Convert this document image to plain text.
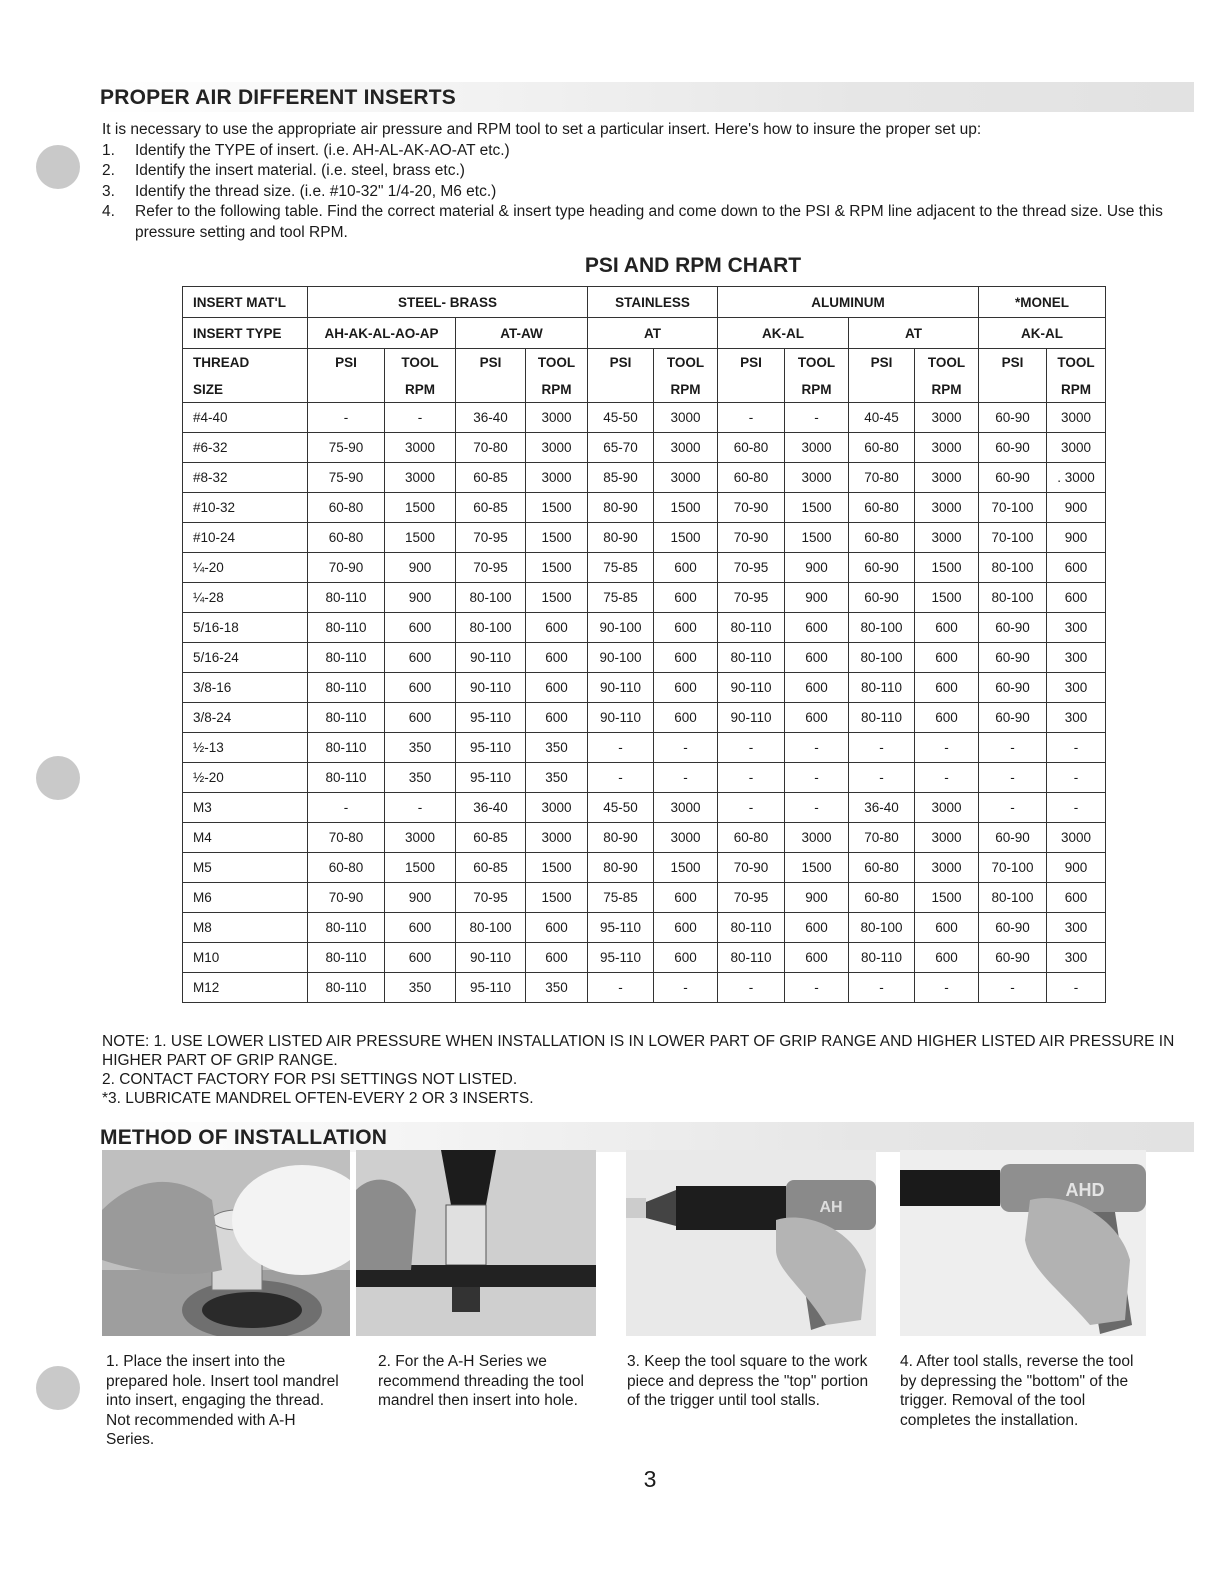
PROPER AIR DIFFERENT INSERTS

It is necessary to use the appropriate air pressure and RPM tool to set a particular insert. Here's how to insure the proper set up:

1. Identify the TYPE of insert. (i.e. AH-AL-AK-AO-AT etc.)
2. Identify the insert material. (i.e. steel, brass etc.)
3. Identify the thread size. (i.e. #10-32" 1/4-20, M6 etc.)
4. Refer to the following table. Find the correct material & insert type heading and come down to the PSI & RPM line adjacent to the thread size. Use this pressure setting and tool RPM.
PSI AND RPM CHART
INSERT MAT'L	STEEL- BRASS				STAINLESS		ALUMINUM				*MONEL	
INSERT TYPE	AH-AK-AL-AO-AP		AT-AW		AT		AK-AL		AT		AK-AL	
THREAD	PSI	TOOL	PSI	TOOL	PSI	TOOL	PSI	TOOL	PSI	TOOL	PSI	TOOL
SIZE		RPM		RPM		RPM		RPM		RPM		RPM
#4-40	-	-	36-40	3000	45-50	3000	-	-	40-45	3000	60-90	3000
#6-32	75-90	3000	70-80	3000	65-70	3000	60-80	3000	60-80	3000	60-90	3000
#8-32	75-90	3000	60-85	3000	85-90	3000	60-80	3000	70-80	3000	60-90	. 3000
#10-32	60-80	1500	60-85	1500	80-90	1500	70-90	1500	60-80	3000	70-100	900
#10-24	60-80	1500	70-95	1500	80-90	1500	70-90	1500	60-80	3000	70-100	900
¼-20	70-90	900	70-95	1500	75-85	600	70-95	900	60-90	1500	80-100	600
¼-28	80-110	900	80-100	1500	75-85	600	70-95	900	60-90	1500	80-100	600
5/16-18	80-110	600	80-100	600	90-100	600	80-110	600	80-100	600	60-90	300
5/16-24	80-110	600	90-110	600	90-100	600	80-110	600	80-100	600	60-90	300
3/8-16	80-110	600	90-110	600	90-110	600	90-110	600	80-110	600	60-90	300
3/8-24	80-110	600	95-110	600	90-110	600	90-110	600	80-110	600	60-90	300
½-13	80-110	350	95-110	350	-	-	-	-	-	-	-	-
½-20	80-110	350	95-110	350	-	-	-	-	-	-	-	-
M3	-	-	36-40	3000	45-50	3000	-	-	36-40	3000	-	-
M4	70-80	3000	60-85	3000	80-90	3000	60-80	3000	70-80	3000	60-90	3000
M5	60-80	1500	60-85	1500	80-90	1500	70-90	1500	60-80	3000	70-100	900
M6	70-90	900	70-95	1500	75-85	600	70-95	900	60-80	1500	80-100	600
M8	80-110	600	80-100	600	95-110	600	80-110	600	80-100	600	60-90	300
M10	80-110	600	90-110	600	95-110	600	80-110	600	80-110	600	60-90	300
M12	80-110	350	95-110	350	-	-	-	-	-	-	-	-

NOTE: 1. USE LOWER LISTED AIR PRESSURE WHEN INSTALLATION IS IN LOWER PART OF GRIP RANGE AND HIGHER LISTED AIR PRESSURE IN HIGHER PART OF GRIP RANGE.

2. CONTACT FACTORY FOR PSI SETTINGS NOT LISTED.

*3. LUBRICATE MANDREL OFTEN-EVERY 2 OR 3 INSERTS.

METHOD OF INSTALLATION
AH
AHD
1. Place the insert into the prepared hole. Insert tool mandrel into insert, engaging the thread. Not recommended with A-H Series.
2. For the A-H Series we recommend threading the tool mandrel then insert into hole.
3. Keep the tool square to the work piece and depress the "top" portion of the trigger until tool stalls.
4. After tool stalls, reverse the tool by depressing the "bottom" of the trigger. Removal of the tool completes the installation.
3
